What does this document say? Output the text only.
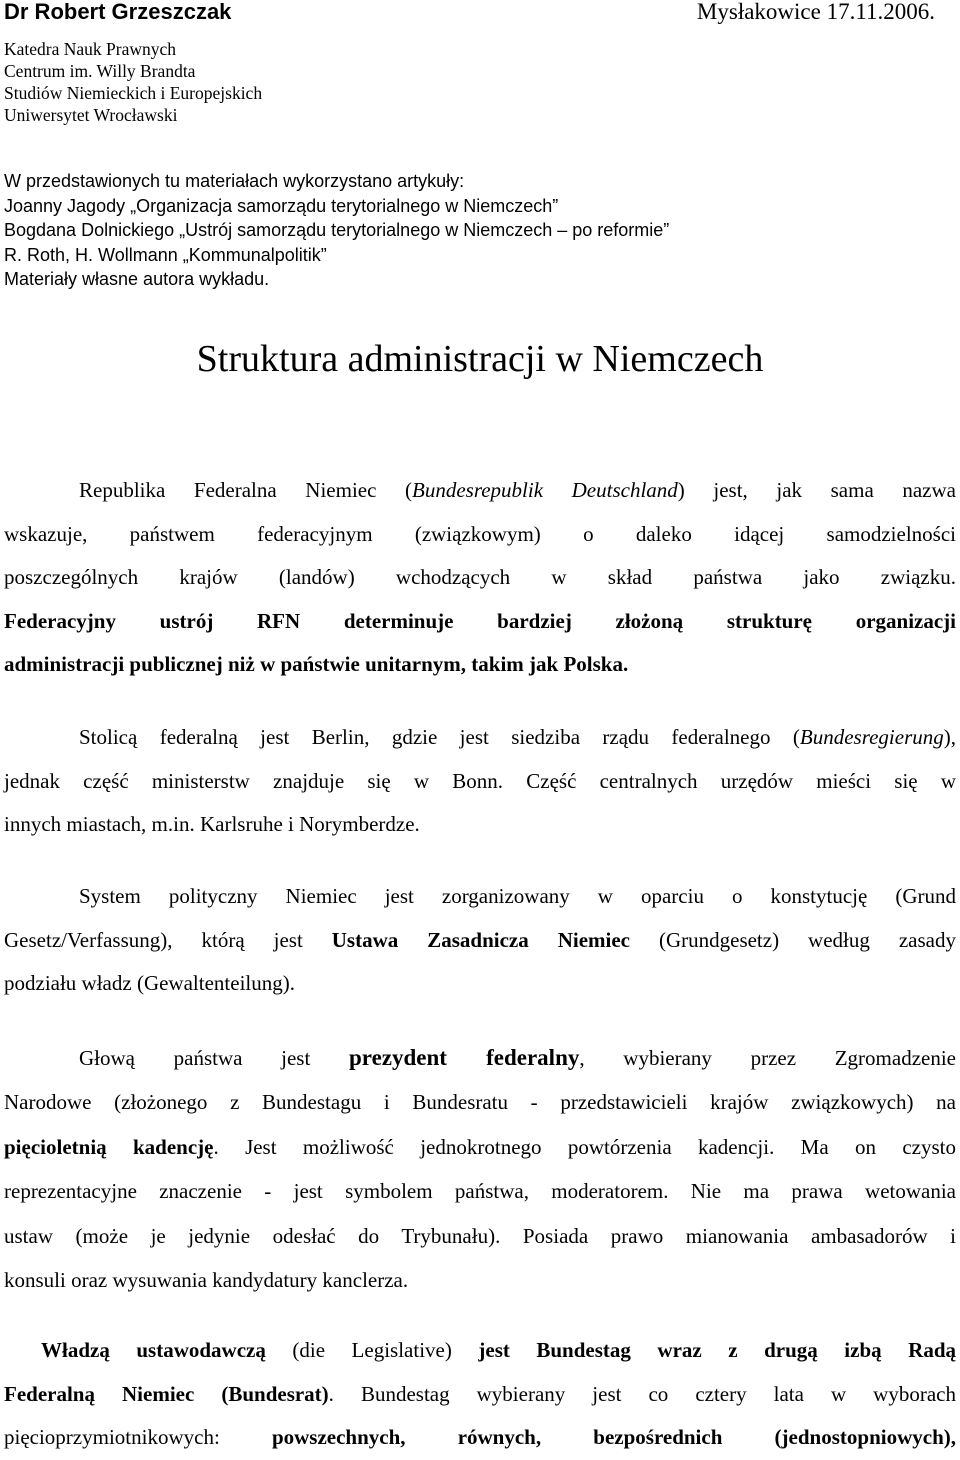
Dr Robert Grzeszczak	Mysłakowice 17.11.2006.
Katedra Nauk Prawnych
Centrum im. Willy Brandta
Studiów Niemieckich i Europejskich
Uniwersytet Wrocławski
W przedstawionych tu materiałach wykorzystano artykuły:
Joanny Jagody „Organizacja samorządu terytorialnego w Niemczech”
Bogdana Dolnickiego „Ustrój samorządu terytorialnego w Niemczech – po reformie”
R. Roth, H. Wollmann „Kommunalpolitik”
Materiały własne autora wykładu.
Struktura administracji w Niemczech
Republika Federalna Niemiec (Bundesrepublik Deutschland) jest, jak sama nazwa
wskazuje, państwem federacyjnym (związkowym) o daleko idącej samodzielności
poszczególnych krajów (landów) wchodzących w skład państwa jako związku.
Federacyjny ustrój RFN determinuje bardziej złożoną strukturę organizacji
administracji publicznej niż w państwie unitarnym, takim jak Polska.
Stolicą federalną jest Berlin, gdzie jest siedziba rządu federalnego (Bundesregierung),
jednak część ministerstw znajduje się w Bonn. Część centralnych urzędów mieści się w
innych miastach, m.in. Karlsruhe i Norymberdze.
System polityczny Niemiec jest zorganizowany w oparciu o konstytucję (Grund
Gesetz/Verfassung), którą jest Ustawa Zasadnicza Niemiec (Grundgesetz) według zasady
podziału władz (Gewaltenteilung).
Głową państwa jest prezydent federalny, wybierany przez Zgromadzenie
Narodowe (złożonego z Bundestagu i Bundesratu - przedstawicieli krajów związkowych) na
pięcioletnią kadencję. Jest możliwość jednokrotnego powtórzenia kadencji. Ma on czysto
reprezentacyjne znaczenie - jest symbolem państwa, moderatorem. Nie ma prawa wetowania
ustaw (może je jedynie odesłać do Trybunału). Posiada prawo mianowania ambasadorów i
konsuli oraz wysuwania kandydatury kanclerza.
Władzą ustawodawczą (die Legislative) jest Bundestag wraz z drugą izbą Radą
Federalną Niemiec (Bundesrat). Bundestag wybierany jest co cztery lata w wyborach
pięcioprzymiotnikowych: powszechnych, równych, bezpośrednich (jednostopniowych),
